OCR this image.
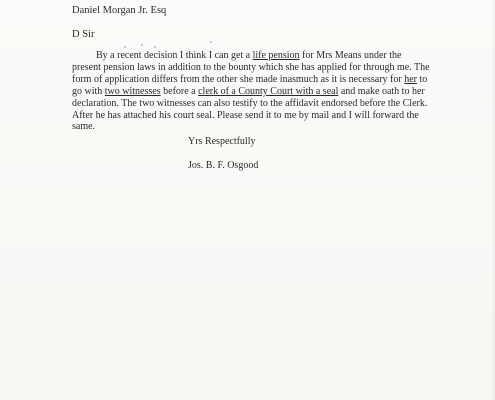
Daniel Morgan Jr. Esq

D Sir

By a recent decision I think I can get a life pension for Mrs Means under the present pension laws in addition to the bounty which she has applied for through me. The form of application differs from the other she made inasmuch as it is necessary for her to go with two witnesses before a clerk of a County Court with a seal and make oath to her declaration. The two witnesses can also testify to the affidavit endorsed before the Clerk. After he has attached his court seal. Please send it to me by mail and I will forward the same.

Yrs Respectfully

Jos. B. F. Osgood
